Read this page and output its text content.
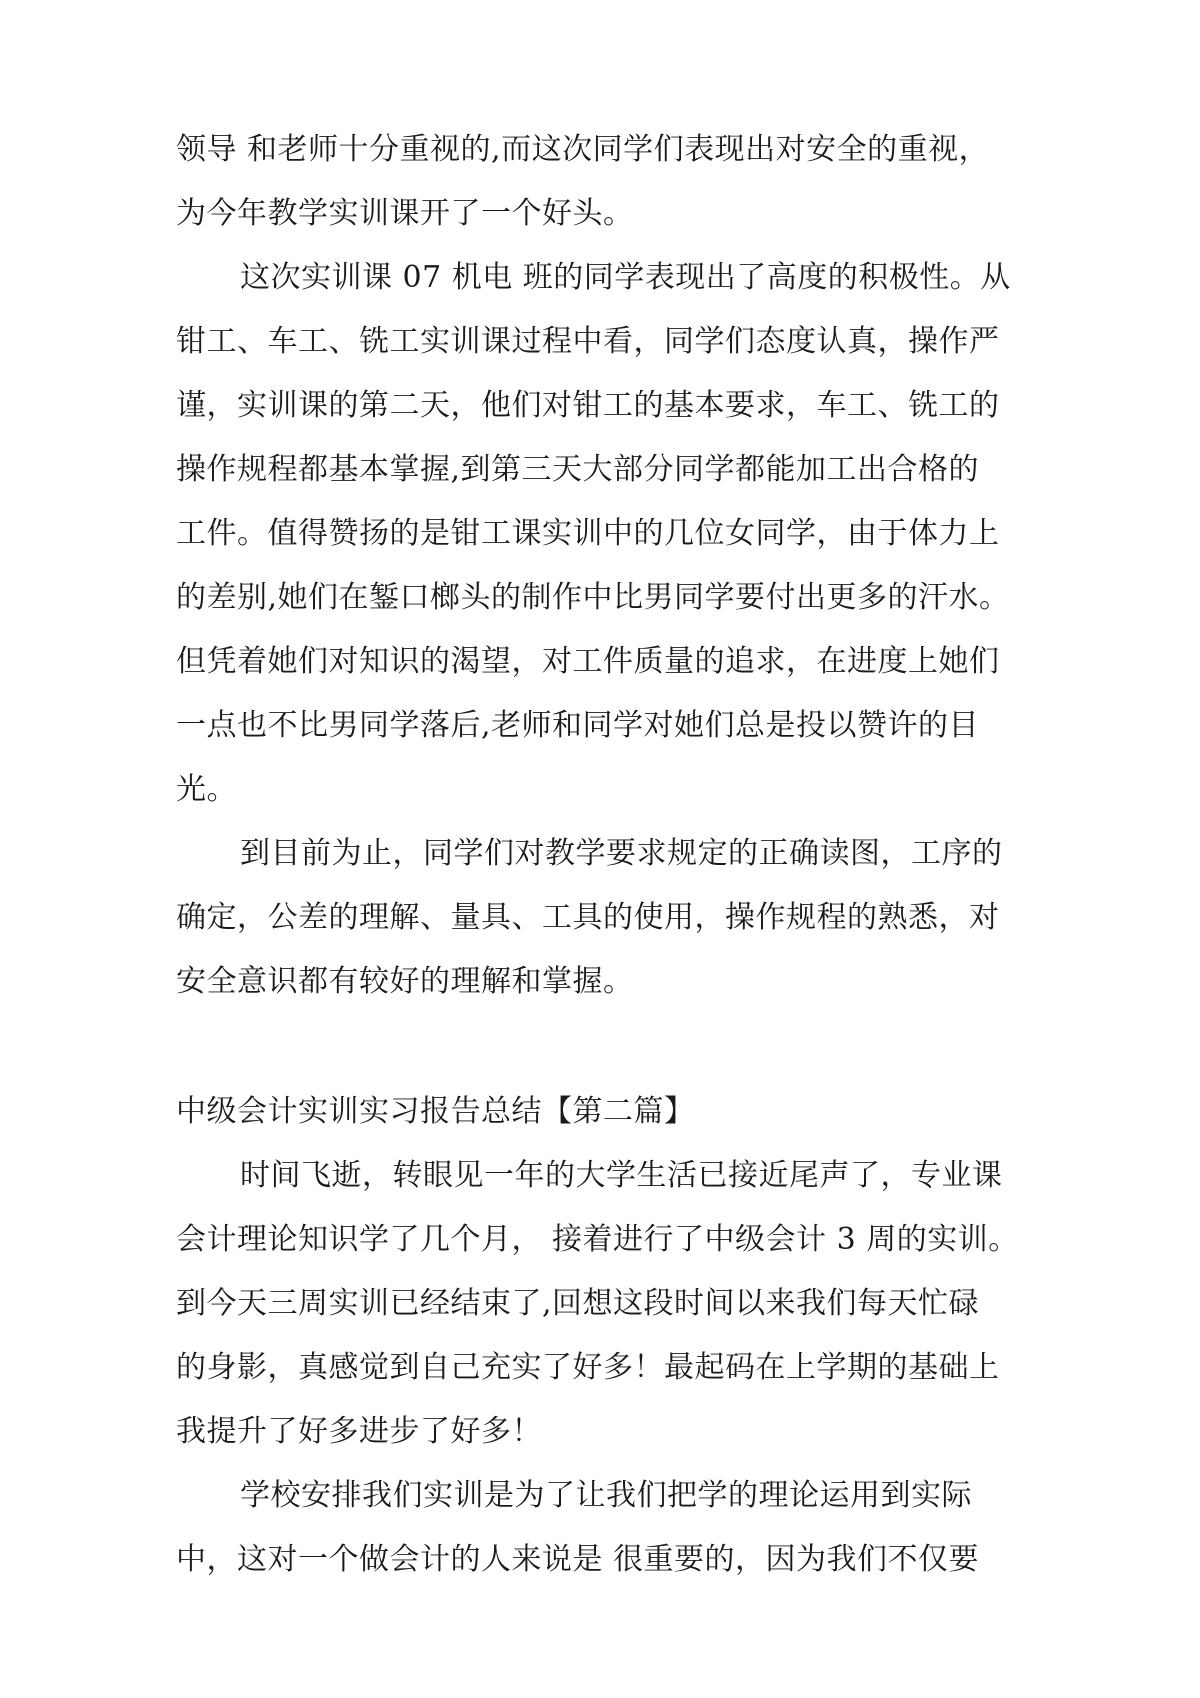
领导 和老师十分重视的,而这次同学们表现出对安全的重视，
为今年教学实训课开了一个好头。
这次实训课 07 机电 班的同学表现出了高度的积极性。从
钳工、车工、铣工实训课过程中看，同学们态度认真，操作严
谨，实训课的第二天，他们对钳工的基本要求，车工、铣工的
操作规程都基本掌握,到第三天大部分同学都能加工出合格的
工件。值得赞扬的是钳工课实训中的几位女同学，由于体力上
的差别,她们在錾口榔头的制作中比男同学要付出更多的汗水。
但凭着她们对知识的渴望，对工件质量的追求，在进度上她们
一点也不比男同学落后,老师和同学对她们总是投以赞许的目
光。
到目前为止，同学们对教学要求规定的正确读图，工序的
确定，公差的理解、量具、工具的使用，操作规程的熟悉，对
安全意识都有较好的理解和掌握。
中级会计实训实习报告总结【第二篇】
时间飞逝，转眼见一年的大学生活已接近尾声了，专业课
会计理论知识学了几个月， 接着进行了中级会计 3 周的实训。
到今天三周实训已经结束了,回想这段时间以来我们每天忙碌
的身影，真感觉到自己充实了好多！最起码在上学期的基础上
我提升了好多进步了好多！
学校安排我们实训是为了让我们把学的理论运用到实际
中，这对一个做会计的人来说是 很重要的，因为我们不仅要
